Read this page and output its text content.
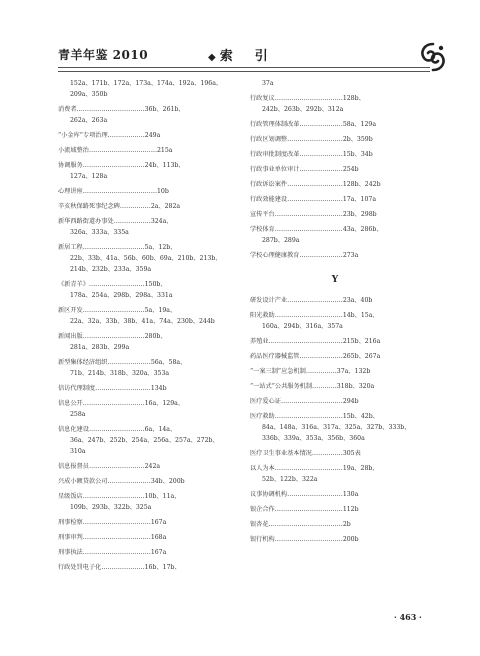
青羊年鉴 2010	◆ 索 引
152a、171b、172a、173a、174a、192a、196a、
209a、350b
消费者……………………………36b、261b、
262a、263a
“小金库”专项治理………………249a
小流域整治……………………………215a
协调服务…………………………24b、113b、
127a、128a
心理讲座………………………………10b
辛亥秋保路死事纪念碑……………2a、282a
新华西路街道办事处………………324a、
326a、333a、335a
新居工程…………………………5a、12b、
22b、33b、41a、56b、60b、69a、210b、213b、
214b、232b、233a、359a
《新青羊》………………………150b、
178a、254a、298b、298a、331a
新区开发…………………………5a、19a、
22a、32a、33b、38b、41a、74a、230b、244b
新闻出版…………………………280b、
281a、283b、299a
新型集体经济组织…………………56a、58a、
71b、214b、318b、320a、353a
信访代理制度………………………134b
信息公开…………………………16a、129a、
258a
信息化建设………………………6a、14a、
36a、247b、252b、254a、256a、257a、272b、310a
信息报督员………………………242a
兴成小额贷款公司…………………34b、200b
星级饭店…………………………10b、11a、
109b、293b、322b、325a
刑事检察……………………………167a
刑事审判……………………………168a
刑事执法……………………………167a
行政处罚电子化…………………16b、17b、
37a
行政复议……………………………128b、
242b、263b、292b、312a
行政管理体制改革…………………58a、129a
行政区划调整………………………2b、359b
行政审批制度改革…………………15b、34b
行政事业单位审计…………………254b
行政诉讼案件………………………128b、242b
行政效能建设………………………17a、107a
宣传平台……………………………23b、298b
学校体育……………………………43a、286b、
287b、289a
学校心理健康教育…………………273a
Y
研发设计产业………………………23a、40b
阳光救助……………………………14b、15a、
160a、294b、316a、357a
养殖业………………………………215b、216a
药品医疗器械监管…………………265b、267a
“一案三制”应急机制……………37a、132b
“一站式”公共服务机制…………318b、320a
医疗爱心证…………………………294b
医疗救助……………………………15b、42b、
84a、148a、316a、317a、325a、327b、333b、
336b、339a、353a、356b、360a
医疗卫生事业基本情况……………305表
以人为本……………………………19a、28b、
52b、122b、322a
议事协调机构………………………130a
银企合作……………………………112b
银杏花………………………………2b
银行机构……………………………200b
· 463 ·
